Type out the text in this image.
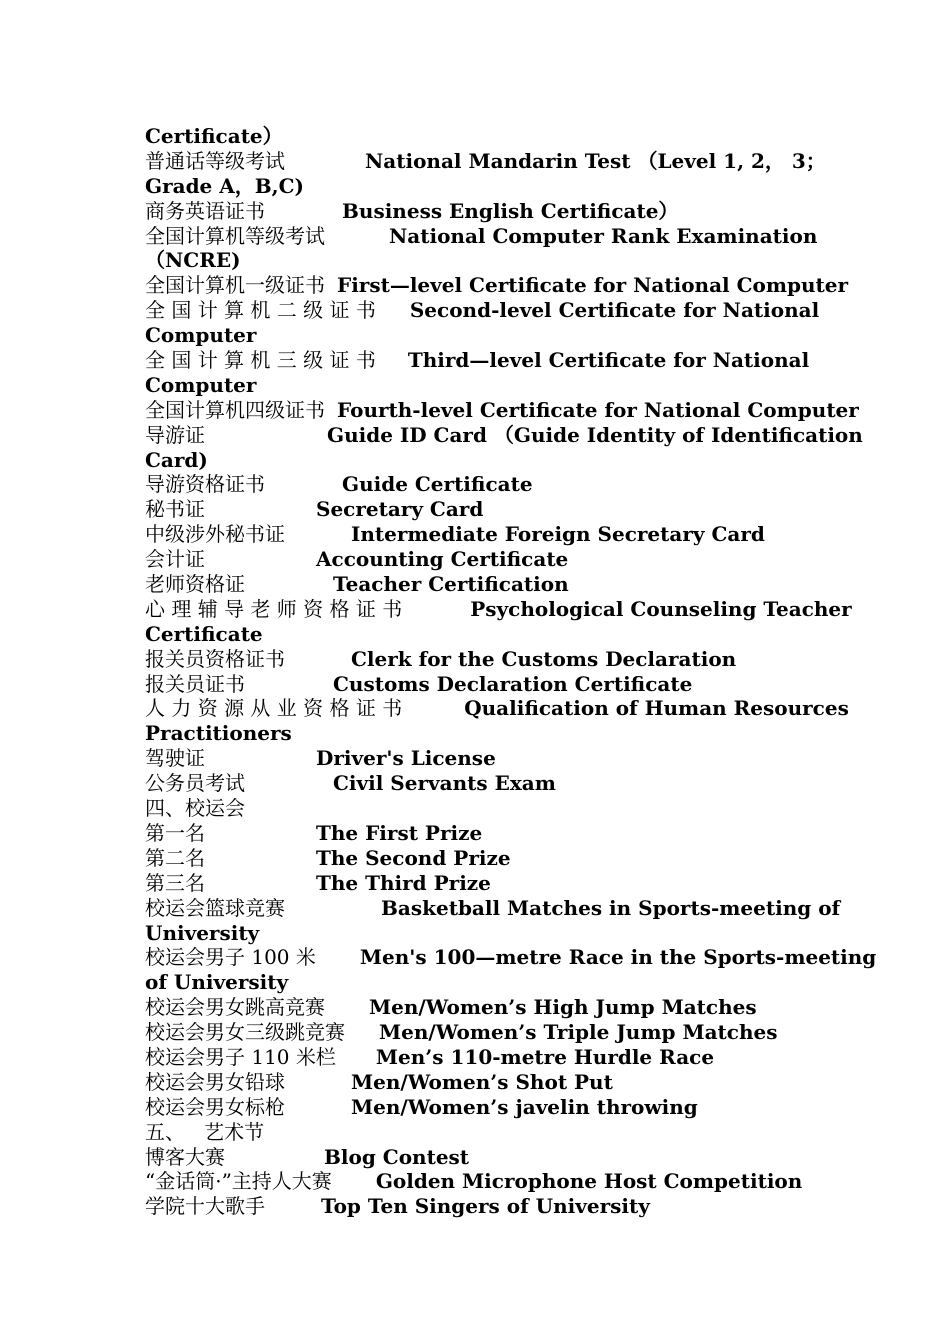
Certificate）
普通话等级考试	National Mandarin Test （Level 1, 2， 3；
Grade A，B,C)
商务英语证书	Business English Certificate）
全国计算机等级考试	National Computer Rank Examination
（NCRE)
全国计算机一级证书 First—level Certificate for National Computer
全 国 计 算 机 二 级 证 书 Second-level Certificate for National
Computer
全 国 计 算 机 三 级 证 书 Third—level Certificate for National
Computer
全国计算机四级证书 Fourth-level Certificate for National Computer
导游证	Guide ID Card （Guide Identity of Identification
Card)
导游资格证书	Guide Certificate
秘书证	Secretary Card
中级涉外秘书证	Intermediate Foreign Secretary Card
会计证	Accounting Certificate
老师资格证	Teacher Certification
心 理 辅 导 老 师 资 格 证 书	Psychological Counseling Teacher
Certificate
报关员资格证书	Clerk for the Customs Declaration
报关员证书	Customs Declaration Certificate
人 力 资 源 从 业 资 格 证 书	Qualification of Human Resources
Practitioners
驾驶证	Driver's License
公务员考试	Civil Servants Exam
四、校运会
第一名	The First Prize
第二名	The Second Prize
第三名	The Third Prize
校运会篮球竞赛	Basketball Matches in Sports-meeting of
University
校运会男子 100 米 Men's 100—metre Race in the Sports-meeting
of University
校运会男女跳高竞赛 Men/Women’s High Jump Matches
校运会男女三级跳竞赛 Men/Women’s Triple Jump Matches
校运会男子 110 米栏 Men’s 110-metre Hurdle Race
校运会男女铅球	Men/Women’s Shot Put
校运会男女标枪	Men/Women’s javelin throwing
五、   艺术节
博客大赛	Blog Contest
“金话筒·”主持人大赛 Golden Microphone Host Competition
学院十大歌手	Top Ten Singers of University
